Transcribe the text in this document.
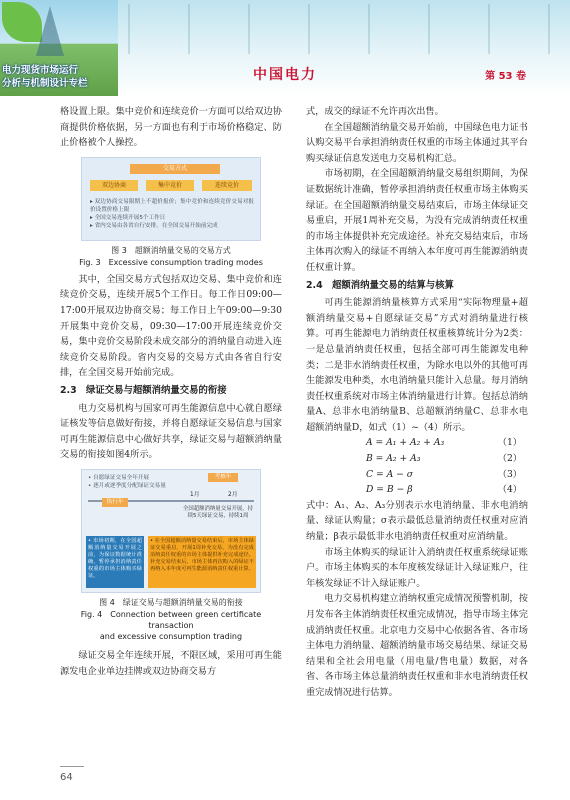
电力现货市场运行
分析与机制设计专栏
中国电力	第 53 卷

格设置上限。集中竞价和连续竞价一方面可以给双边协商提供价格依据，另一方面也有利于市场价格稳定、防止价格被个人操控。

交易方式
双边协商	集中竞价	连续竞价
▸ 双边协商交易限期上不超价报价；集中竞价和连续竞价交易对报价设置价格上限
▸ 全国交易连续开展5个工作日
▸ 省内交易由各省自行安排，在全国交易开始前完成
图 3　超额消纳量交易的交易方式
Fig. 3　Excessive consumption trading modes

其中，全国交易方式包括双边交易、集中竞价和连续竞价交易，连续开展5个工作日。每工作日09:00—17:00开展双边协商交易；每工作日上午09:00—9:30开展集中竞价交易，09:30—17:00开展连续竞价交易，集中竞价交易阶段未成交部分的消纳量自动进入连续竞价交易阶段。省内交易的交易方式由各省自行安排，在全国交易开始前完成。

2.3　绿证交易与超额消纳量交易的衔接

电力交易机构与国家可再生能源信息中心就自愿绿证核发等信息做好衔接，并将自愿绿证交易信息与国家可再生能源信息中心做好共享，绿证交易与超额消纳量交易的衔接如图4所示。

• 自愿绿证交易全年开展
• 逐月或逐季度分配绿证交易量
考核年
1月	2月
执行年
全国超额消纳量交易开展，持续5天绿证交易，持续1周
• 市场初期，在全国超额消纳量交易开展之前，为保证数据统计准确，暂停承担消纳责任权重的市场主体购买绿证。
• 在全国超额消纳量交易结束后，市场主体绿证交易重启，开展1周补充交易，为没有完成消纳责任权重的市场主体提供补充完成途径。补充交易结束后，市场主体再次购入的绿证不再纳入本年度可再生能源消纳责任权重计算。
图 4　绿证交易与超额消纳量交易的衔接
Fig. 4　Connection between green certificate transaction
and excessive consumption trading

绿证交易全年连续开展，不限区域，采用可再生能源发电企业单边挂牌或双边协商交易方

式，成交的绿证不允许再次出售。

在全国超额消纳量交易开始前，中国绿色电力证书认购交易平台承担消纳责任权重的市场主体通过其平台购买绿证信息发送电力交易机构汇总。

市场初期，在全国超额消纳量交易组织期间，为保证数据统计准确，暂停承担消纳责任权重市场主体购买绿证。在全国超额消纳量交易结束后，市场主体绿证交易重启，开展1周补充交易，为没有完成消纳责任权重的市场主体提供补充完成途径。补充交易结束后，市场主体再次购入的绿证不再纳入本年度可再生能源消纳责任权重计算。

2.4　超额消纳量交易的结算与核算

可再生能源消纳量核算方式采用“实际物理量+超额消纳量交易+自愿绿证交易”方式对消纳量进行核算。可再生能源电力消纳责任权重核算统计分为2类：一是总量消纳责任权重，包括全部可再生能源发电种类；二是非水消纳责任权重，为除水电以外的其他可再生能源发电种类，水电消纳量只能计入总量。每月消纳责任权重系统对市场主体消纳量进行计算。包括总消纳量A、总非水电消纳量B、总超额消纳量C、总非水电超额消纳量D，如式（1）~（4）所示。

A = A₁ + A₂ + A₃	（1）
B = A₂ + A₃	（2）
C = A − σ	（3）
D = B − β	（4）

式中：A₁、A₂、A₃分别表示水电消纳量、非水电消纳量、绿证认购量；σ表示最低总量消纳责任权重对应消纳量；β表示最低非水电消纳责任权重对应消纳量。

市场主体购买的绿证计入消纳责任权重系统绿证账户。市场主体购买的本年度核发绿证计入绿证账户，往年核发绿证不计入绿证账户。

电力交易机构建立消纳权重完成情况预警机制，按月发布各主体消纳责任权重完成情况，指导市场主体完成消纳责任权重。北京电力交易中心依据各省、各市场主体电力消纳量、超额消纳量市场交易结果、绿证交易结果和全社会用电量（用电量/售电量）数据，对各省、各市场主体总量消纳责任权重和非水电消纳责任权重完成情况进行估算。

64
